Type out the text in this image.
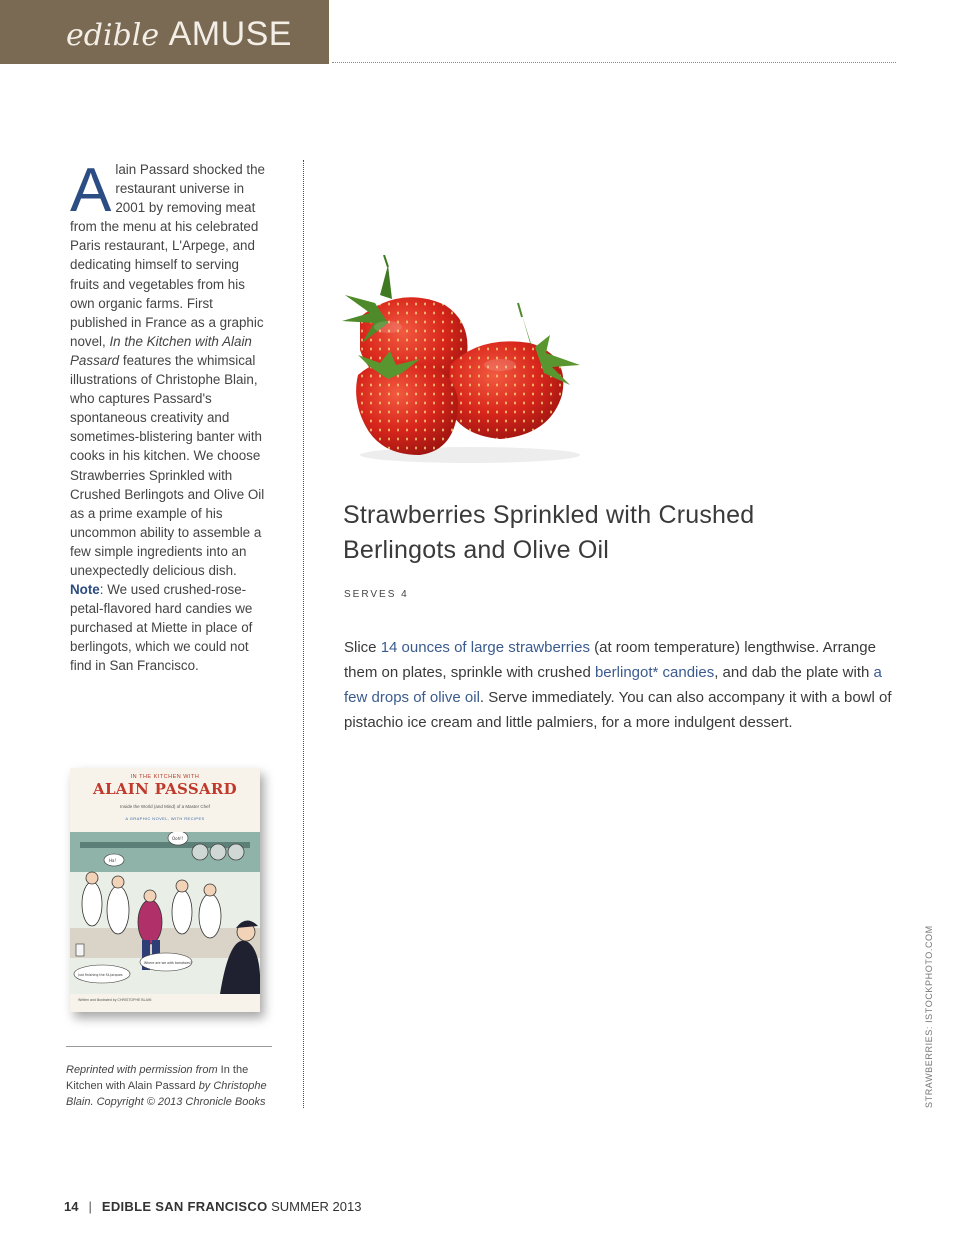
edible AMUSE
Alain Passard shocked the restaurant universe in 2001 by removing meat from the menu at his celebrated Paris restaurant, L'Arpege, and dedicating himself to serving fruits and vegetables from his own organic farms. First published in France as a graphic novel, In the Kitchen with Alain Passard features the whimsical illustrations of Christophe Blain, who captures Passard's spontaneous creativity and sometimes-blistering banter with cooks in his kitchen. We choose Strawberries Sprinkled with Crushed Berlingots and Olive Oil as a prime example of his uncommon ability to assemble a few simple ingredients into an unexpectedly delicious dish. Note: We used crushed-rose-petal-flavored hard candies we purchased at Miette in place of berlingots, which we could not find in San Francisco.
IN THE KITCHEN WITH
ALAIN PASSARD
Inside the World (and Mind) of a Master Chef
A GRAPHIC NOVEL, WITH RECIPES
Ooh!!
Ha!
Where are we with tomatoes?
Just finishing the St-Jacques
Written and illustrated by CHRISTOPHE BLAIN
Reprinted with permission from In the Kitchen with Alain Passard by Christophe Blain. Copyright © 2013 Chronicle Books
Strawberries Sprinkled with Crushed Berlingots and Olive Oil
SERVES 4
Slice 14 ounces of large strawberries (at room temperature) lengthwise. Arrange them on plates, sprinkle with crushed berlingot* candies, and dab the plate with a few drops of olive oil. Serve immediately. You can also accompany it with a bowl of pistachio ice cream and little palmiers, for a more indulgent dessert.
STRAWBERRIES: ISTOCKPHOTO.COM
14 | EDIBLE SAN FRANCISCO SUMMER 2013
